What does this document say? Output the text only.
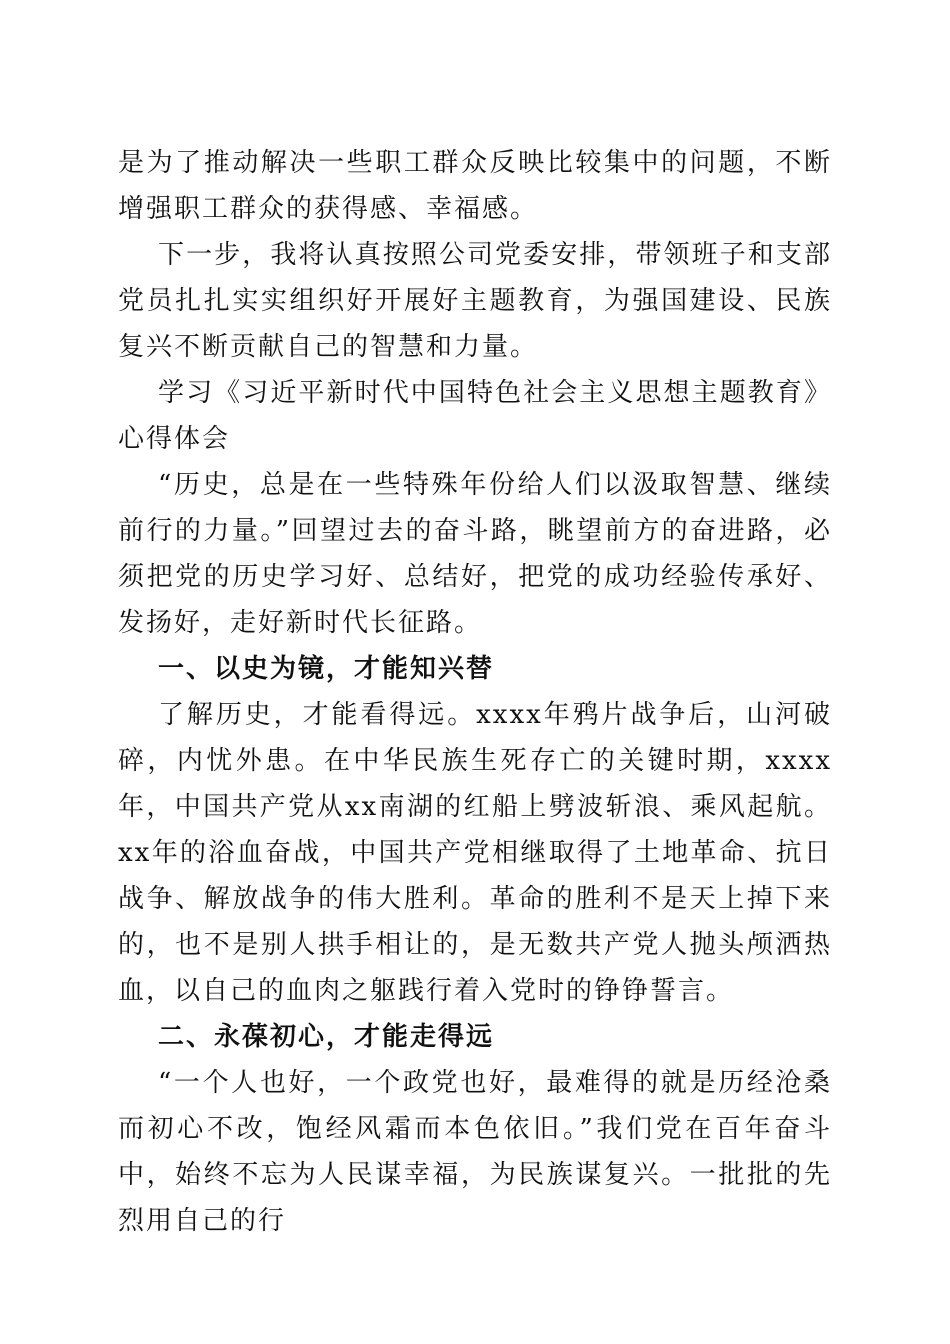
是为了推动解决一些职工群众反映比较集中的问题，不断增强职工群众的获得感、幸福感。

下一步，我将认真按照公司党委安排，带领班子和支部党员扎扎实实组织好开展好主题教育，为强国建设、民族复兴不断贡献自己的智慧和力量。

学习《习近平新时代中国特色社会主义思想主题教育》心得体会

“历史，总是在一些特殊年份给人们以汲取智慧、继续前行的力量。”回望过去的奋斗路，眺望前方的奋进路，必须把党的历史学习好、总结好，把党的成功经验传承好、发扬好，走好新时代长征路。

一、以史为镜，才能知兴替

了解历史，才能看得远。xxxx年鸦片战争后，山河破碎，内忧外患。在中华民族生死存亡的关键时期，xxxx年，中国共产党从xx南湖的红船上劈波斩浪、乘风起航。xx年的浴血奋战，中国共产党相继取得了土地革命、抗日战争、解放战争的伟大胜利。革命的胜利不是天上掉下来的，也不是别人拱手相让的，是无数共产党人抛头颅洒热血，以自己的血肉之躯践行着入党时的铮铮誓言。

二、永葆初心，才能走得远

“一个人也好，一个政党也好，最难得的就是历经沧桑而初心不改，饱经风霜而本色依旧。”我们党在百年奋斗中，始终不忘为人民谋幸福，为民族谋复兴。一批批的先烈用自己的行
